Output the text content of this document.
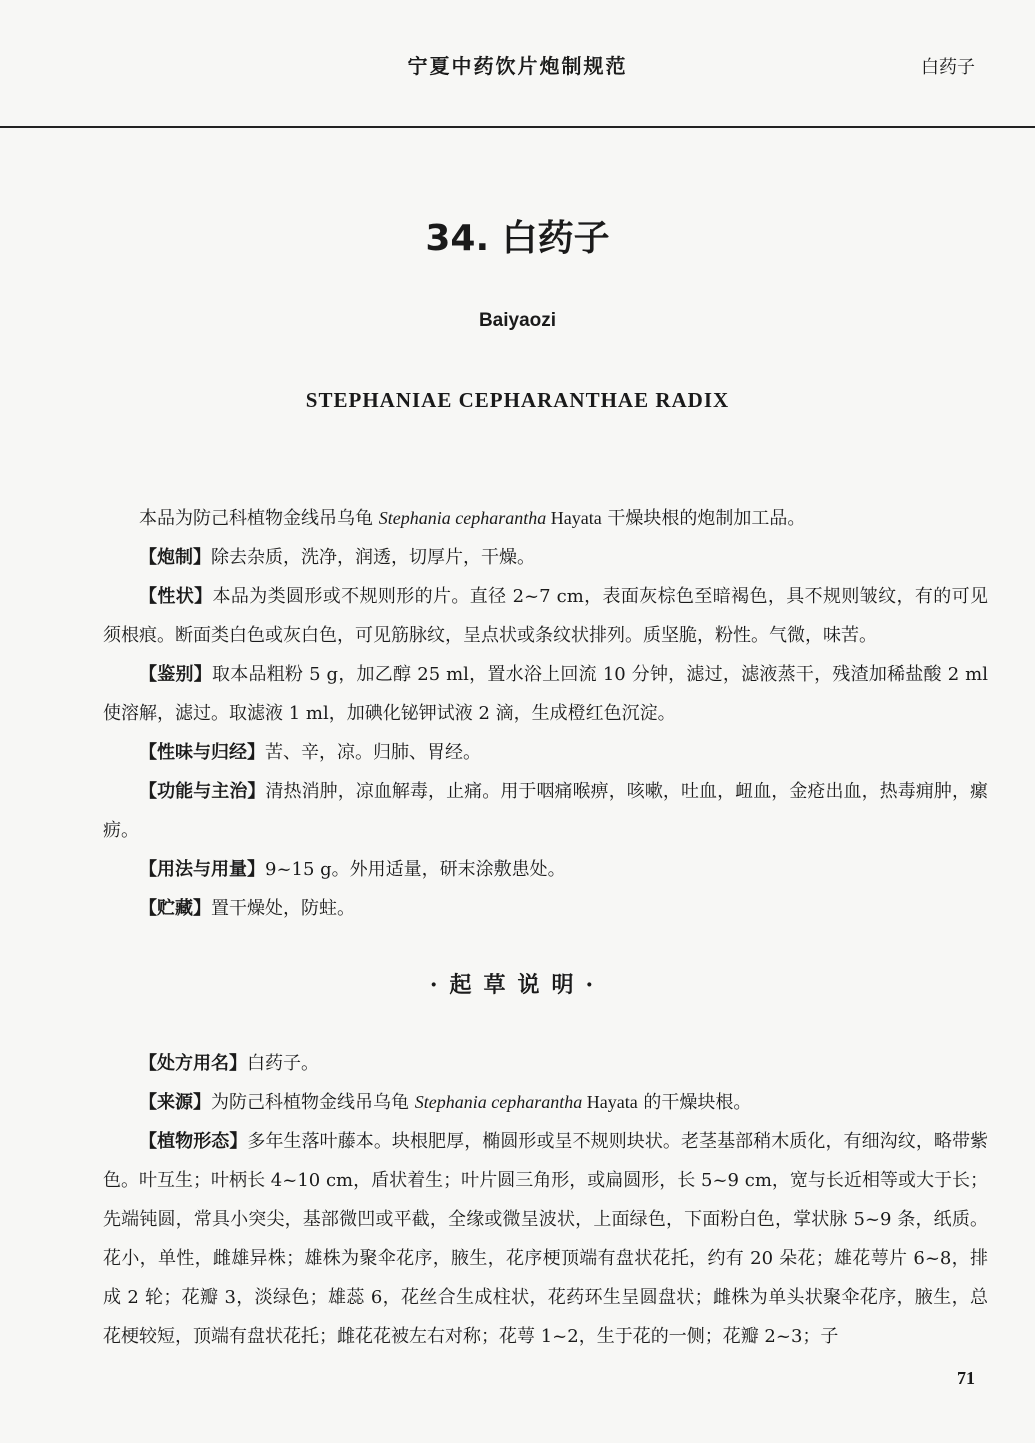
宁夏中药饮片炮制规范	白药子
34. 白药子
Baiyaozi
STEPHANIAE CEPHARANTHAE RADIX

本品为防己科植物金线吊乌龟 Stephania cepharantha Hayata 干燥块根的炮制加工品。

【炮制】除去杂质，洗净，润透，切厚片，干燥。

【性状】本品为类圆形或不规则形的片。直径 2~7 cm，表面灰棕色至暗褐色，具不规则皱纹，有的可见须根痕。断面类白色或灰白色，可见筋脉纹，呈点状或条纹状排列。质坚脆，粉性。气微，味苦。

【鉴别】取本品粗粉 5 g，加乙醇 25 ml，置水浴上回流 10 分钟，滤过，滤液蒸干，残渣加稀盐酸 2 ml 使溶解，滤过。取滤液 1 ml，加碘化铋钾试液 2 滴，生成橙红色沉淀。

【性味与归经】苦、辛，凉。归肺、胃经。

【功能与主治】清热消肿，凉血解毒，止痛。用于咽痛喉痹，咳嗽，吐血，衄血，金疮出血，热毒痈肿，瘰疬。

【用法与用量】9~15 g。外用适量，研末涂敷患处。

【贮藏】置干燥处，防蛀。

·起草说明·

【处方用名】白药子。

【来源】为防己科植物金线吊乌龟 Stephania cepharantha Hayata 的干燥块根。

【植物形态】多年生落叶藤本。块根肥厚，椭圆形或呈不规则块状。老茎基部稍木质化，有细沟纹，略带紫色。叶互生；叶柄长 4~10 cm，盾状着生；叶片圆三角形，或扁圆形，长 5~9 cm，宽与长近相等或大于长；先端钝圆，常具小突尖，基部微凹或平截，全缘或微呈波状，上面绿色，下面粉白色，掌状脉 5~9 条，纸质。花小，单性，雌雄异株；雄株为聚伞花序，腋生，花序梗顶端有盘状花托，约有 20 朵花；雄花萼片 6~8，排成 2 轮；花瓣 3，淡绿色；雄蕊 6，花丝合生成柱状，花药环生呈圆盘状；雌株为单头状聚伞花序，腋生，总花梗较短，顶端有盘状花托；雌花花被左右对称；花萼 1~2，生于花的一侧；花瓣 2~3；子

71
